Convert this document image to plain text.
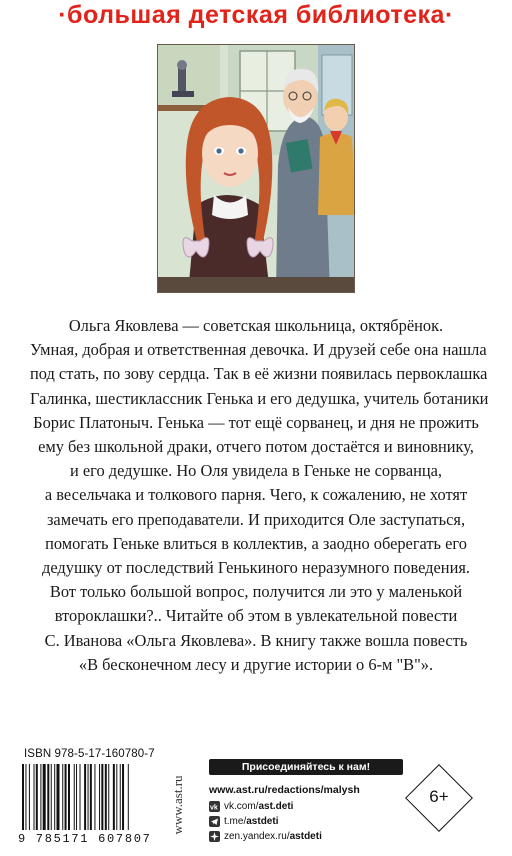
·большая детская библиотека·

Ольга Яковлева — советская школьница, октябрёнок.

Умная, добрая и ответственная девочка. И друзей себе она нашла

под стать, по зову сердца. Так в её жизни появилась первоклашка

Галинка, шестиклассник Генька и его дедушка, учитель ботаники

Борис Платоныч. Генька — тот ещё сорванец, и дня не прожить

ему без школьной драки, отчего потом достаётся и виновнику,

и его дедушке. Но Оля увидела в Геньке не сорванца,

а весельчака и толкового парня. Чего, к сожалению, не хотят

замечать его преподаватели. И приходится Оле заступаться,

помогать Геньке влиться в коллектив, а заодно оберегать его

дедушку от последствий Генькиного неразумного поведения.

Вот только большой вопрос, получится ли это у маленькой

второклашки?.. Читайте об этом в увлекательной повести

С. Иванова «Ольга Яковлева». В книгу также вошла повесть

«В бесконечном лесу и другие истории о 6-м "В"».

ISBN 978-5-17-160780-7
9 785171 607807
www.ast.ru
Присоединяйтесь к нам!
www.ast.ru/redactions/malysh
vk vk.com/ ast.deti
t.me/ astdeti
zen.yandex.ru/ astdeti
6+
